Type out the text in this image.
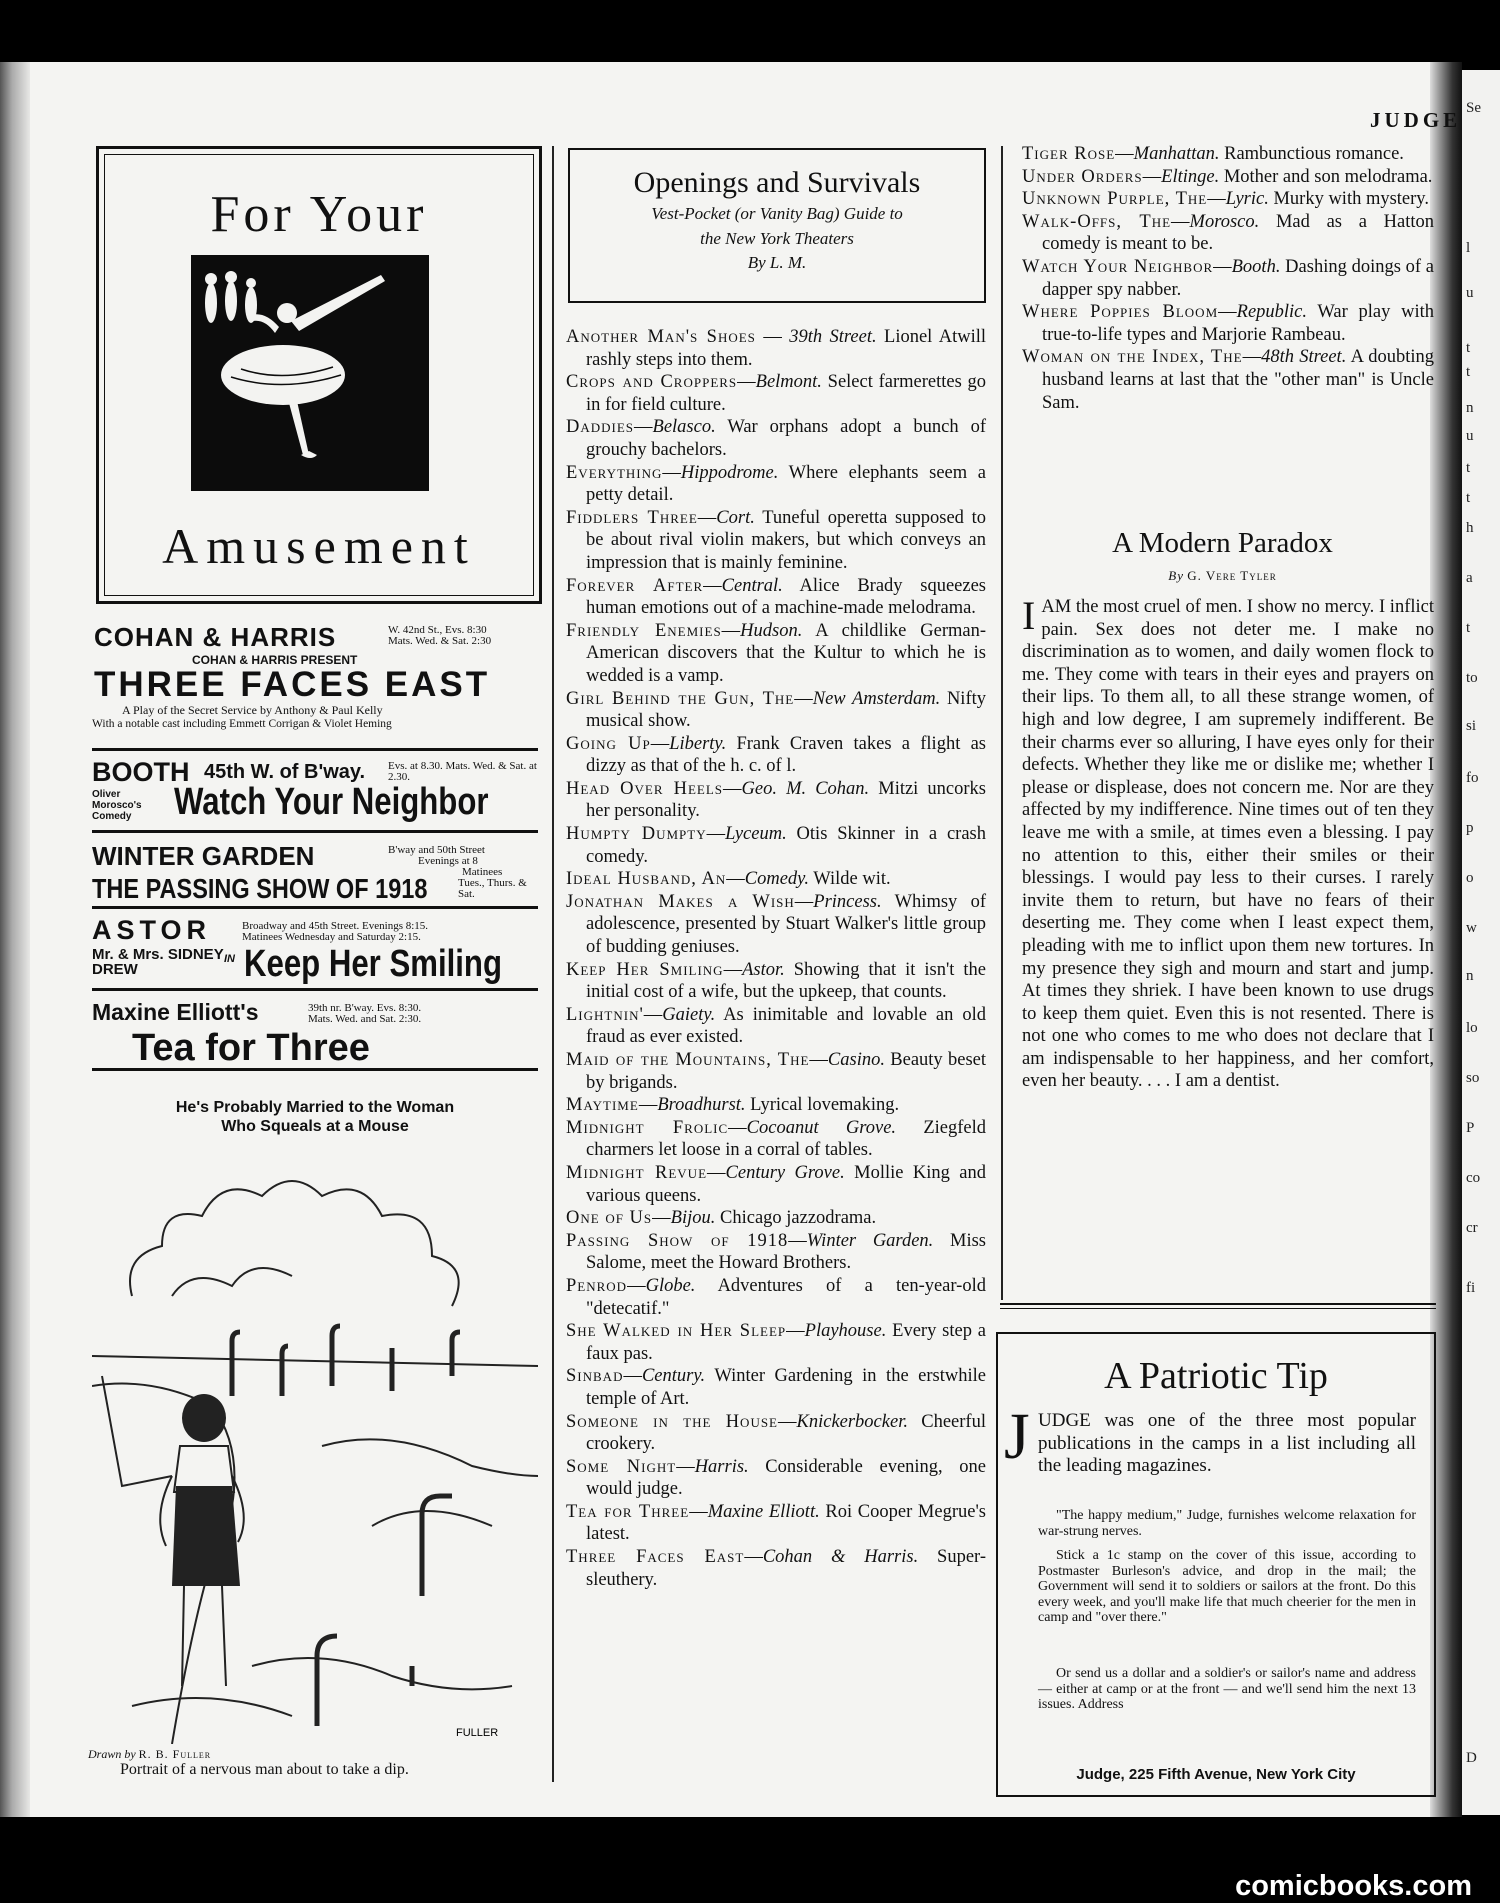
Se
l
u
t
t
n
u
t
t
h
a
t
to
si
fo
p
o
w
n
lo
so
P
co
cr
fi
D
JUDGE
For Your
Amusement
COHAN & HARRIS	W. 42nd St., Evs. 8:30
Mats. Wed. & Sat. 2:30
COHAN & HARRIS PRESENT
THREE FACES EAST
A Play of the Secret Service by Anthony & Paul Kelly
With a notable cast including Emmett Corrigan & Violet Heming
BOOTH 45th W. of B'way. Evs. at 8.30. Mats. Wed. & Sat. at 2.30.
Oliver Morosco's Comedy	Watch Your Neighbor
WINTER GARDEN	B'way and 50th Street
Evenings at 8
Matinees
Tues., Thurs. & Sat.
THE PASSING SHOW OF 1918
ASTOR	Broadway and 45th Street. Evenings 8:15.
Matinees Wednesday and Saturday 2:15.
Mr. & Mrs. SIDNEY DREW
IN Keep Her Smiling
Maxine Elliott's	39th nr. B'way. Evs. 8:30.
Mats. Wed. and Sat. 2:30.
Tea for Three
He's Probably Married to the Woman
Who Squeals at a Mouse
FULLER
Drawn by R. B. Fuller
Portrait of a nervous man about to take a dip.
Openings and Survivals
Vest-Pocket (or Vanity Bag) Guide to
the New York Theaters
By L. M.
Another Man's Shoes — 39th Street. Lionel Atwill rashly steps into them.
Crops and Croppers—Belmont. Select farmerettes go in for field culture.
Daddies—Belasco. War orphans adopt a bunch of grouchy bachelors.
Everything—Hippodrome. Where elephants seem a petty detail.
Fiddlers Three—Cort. Tuneful operetta supposed to be about rival violin makers, but which conveys an impression that is mainly feminine.
Forever After—Central. Alice Brady squeezes human emotions out of a machine-made melodrama.
Friendly Enemies—Hudson. A childlike German-American discovers that the Kultur to which he is wedded is a vamp.
Girl Behind the Gun, The—New Amsterdam. Nifty musical show.
Going Up—Liberty. Frank Craven takes a flight as dizzy as that of the h. c. of l.
Head Over Heels—Geo. M. Cohan. Mitzi uncorks her personality.
Humpty Dumpty—Lyceum. Otis Skinner in a crash comedy.
Ideal Husband, An—Comedy. Wilde wit.
Jonathan Makes a Wish—Princess. Whimsy of adolescence, presented by Stuart Walker's little group of budding geniuses.
Keep Her Smiling—Astor. Showing that it isn't the initial cost of a wife, but the upkeep, that counts.
Lightnin'—Gaiety. As inimitable and lovable an old fraud as ever existed.
Maid of the Mountains, The—Casino. Beauty beset by brigands.
Maytime—Broadhurst. Lyrical lovemaking.
Midnight Frolic—Cocoanut Grove. Ziegfeld charmers let loose in a corral of tables.
Midnight Revue—Century Grove. Mollie King and various queens.
One of Us—Bijou. Chicago jazzodrama.
Passing Show of 1918—Winter Garden. Miss Salome, meet the Howard Brothers.
Penrod—Globe. Adventures of a ten-year-old "detecatif."
She Walked in Her Sleep—Playhouse. Every step a faux pas.
Sinbad—Century. Winter Gardening in the erstwhile temple of Art.
Someone in the House—Knickerbocker. Cheerful crookery.
Some Night—Harris. Considerable evening, one would judge.
Tea for Three—Maxine Elliott. Roi Cooper Megrue's latest.
Three Faces East—Cohan & Harris. Super-sleuthery.
Tiger Rose—Manhattan. Rambunctious romance.
Under Orders—Eltinge. Mother and son melodrama.
Unknown Purple, The—Lyric. Murky with mystery.
Walk-Offs, The—Morosco. Mad as a Hatton comedy is meant to be.
Watch Your Neighbor—Booth. Dashing doings of a dapper spy nabber.
Where Poppies Bloom—Republic. War play with true-to-life types and Marjorie Rambeau.
Woman on the Index, The—48th Street. A doubting husband learns at last that the "other man" is Uncle Sam.
A Modern Paradox
By G. Vere Tyler
IAM the most cruel of men. I show no mercy. I inflict pain. Sex does not deter me. I make no discrimination as to women, and daily women flock to me. They come with tears in their eyes and prayers on their lips. To them all, to all these strange women, of high and low degree, I am supremely indifferent. Be their charms ever so alluring, I have eyes only for their defects. Whether they like me or dislike me; whether I please or displease, does not concern me. Nor are they affected by my indifference. Nine times out of ten they leave me with a smile, at times even a blessing. I pay no attention to this, either their smiles or their blessings. I would pay less to their curses. I rarely invite them to return, but have no fears of their deserting me. They come when I least expect them, pleading with me to inflict upon them new tortures. In my presence they sigh and mourn and start and jump. At times they shriek. I have been known to use drugs to keep them quiet. Even this is not resented. There is not one who comes to me who does not declare that I am indispensable to her happiness, and her comfort, even her beauty. . . . I am a dentist.
A Patriotic Tip
JUDGE was one of the three most popular publications in the camps in a list including all the leading magazines.
"The happy medium," Judge, furnishes welcome relaxation for war-strung nerves.
Stick a 1c stamp on the cover of this issue, according to Postmaster Burleson's advice, and drop in the mail; the Government will send it to soldiers or sailors at the front. Do this every week, and you'll make life that much cheerier for the men in camp and "over there."
Or send us a dollar and a soldier's or sailor's name and address — either at camp or at the front — and we'll send him the next 13 issues. Address
Judge, 225 Fifth Avenue, New York City
comicbooks.com
